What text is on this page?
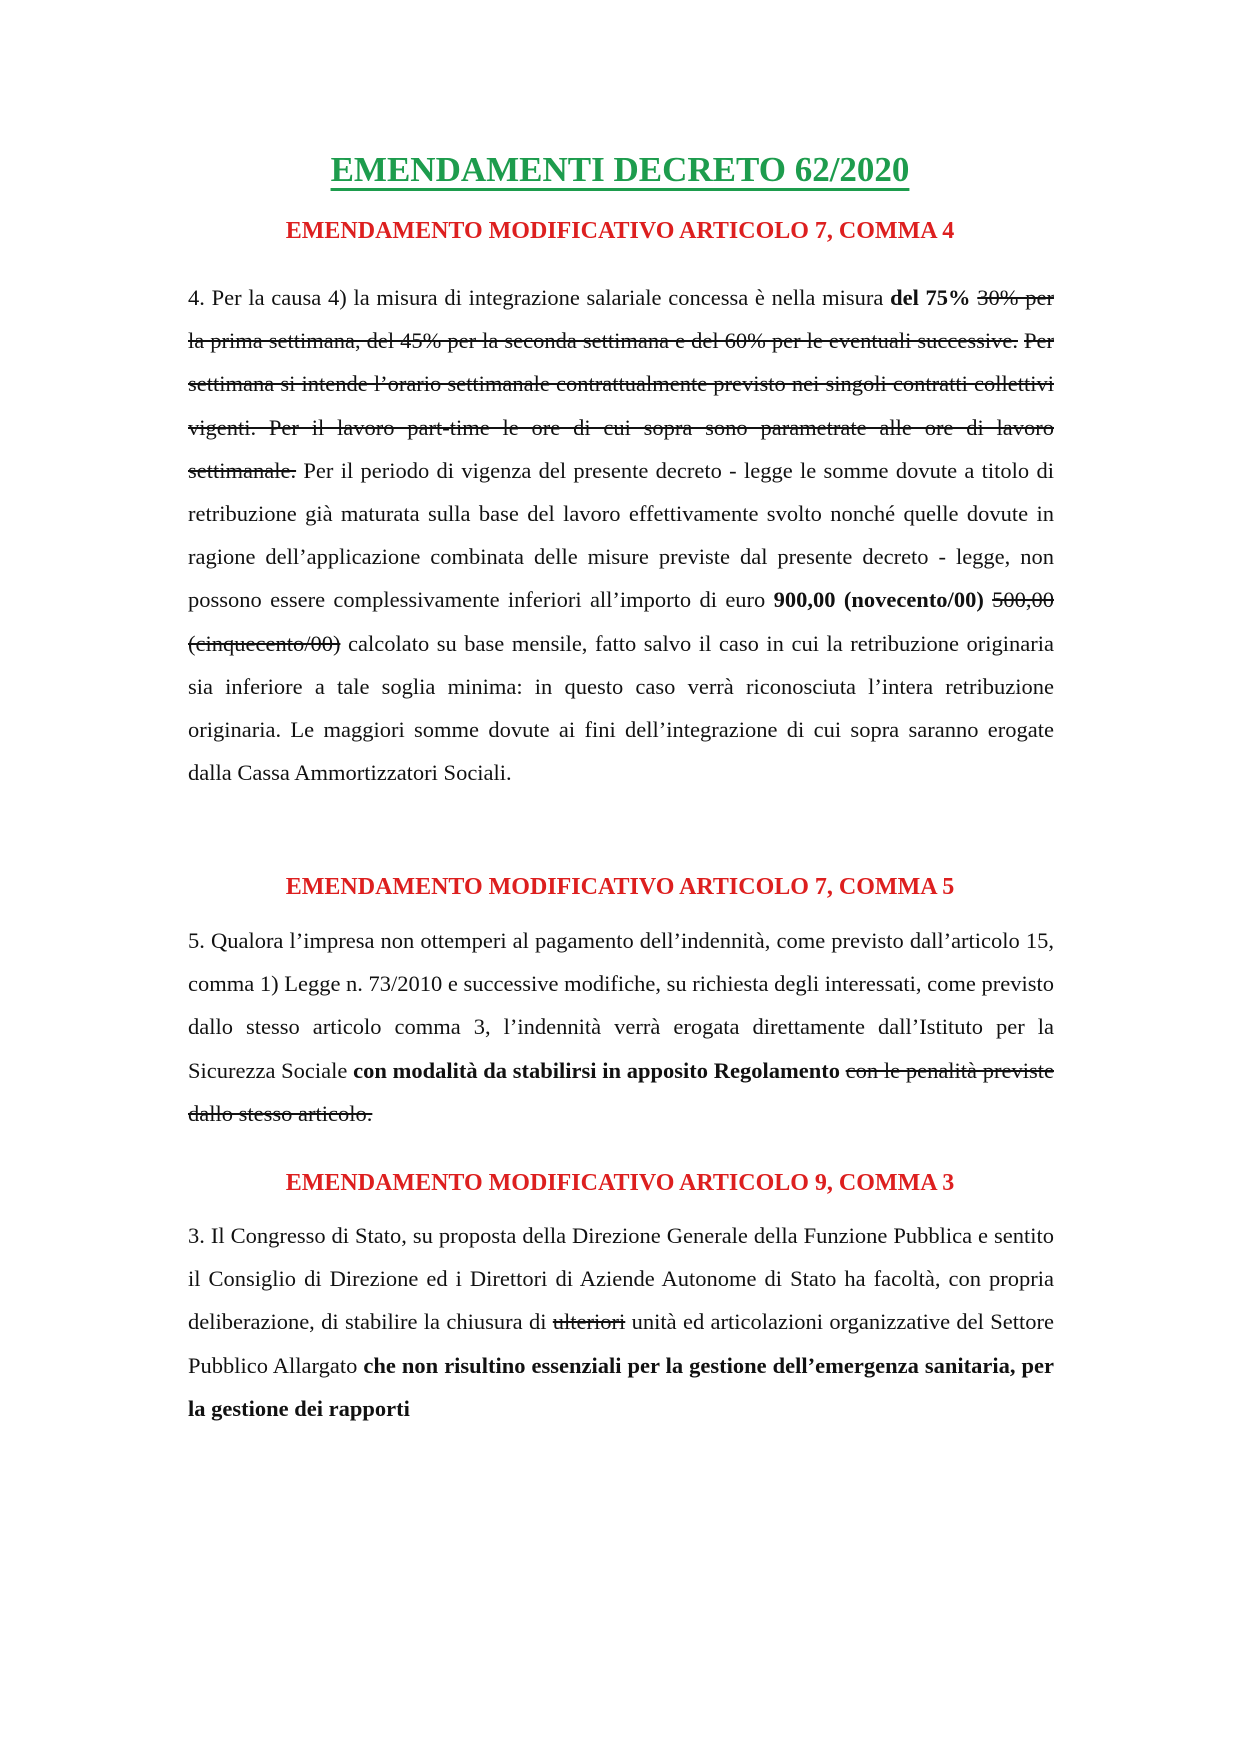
EMENDAMENTI DECRETO 62/2020
EMENDAMENTO MODIFICATIVO ARTICOLO 7, COMMA 4

4. Per la causa 4) la misura di integrazione salariale concessa è nella misura del 75% 30% per la prima settimana, del 45% per la seconda settimana e del 60% per le eventuali successive. Per settimana si intende l’orario settimanale contrattualmente previsto nei singoli contratti collettivi vigenti. Per il lavoro part-time le ore di cui sopra sono parametrate alle ore di lavoro settimanale. Per il periodo di vigenza del presente decreto - legge le somme dovute a titolo di retribuzione già maturata sulla base del lavoro effettivamente svolto nonché quelle dovute in ragione dell’applicazione combinata delle misure previste dal presente decreto - legge, non possono essere complessivamente inferiori all’importo di euro 900,00 (novecento/00) 500,00 (cinquecento/00) calcolato su base mensile, fatto salvo il caso in cui la retribuzione originaria sia inferiore a tale soglia minima: in questo caso verrà riconosciuta l’intera retribuzione originaria. Le maggiori somme dovute ai fini dell’integrazione di cui sopra saranno erogate dalla Cassa Ammortizzatori Sociali.

EMENDAMENTO MODIFICATIVO ARTICOLO 7, COMMA 5

5. Qualora l’impresa non ottemperi al pagamento dell’indennità, come previsto dall’articolo 15, comma 1) Legge n. 73/2010 e successive modifiche, su richiesta degli interessati, come previsto dallo stesso articolo comma 3, l’indennità verrà erogata direttamente dall’Istituto per la Sicurezza Sociale con modalità da stabilirsi in apposito Regolamento con le penalità previste dallo stesso articolo.

EMENDAMENTO MODIFICATIVO ARTICOLO 9, COMMA 3

3. Il Congresso di Stato, su proposta della Direzione Generale della Funzione Pubblica e sentito il Consiglio di Direzione ed i Direttori di Aziende Autonome di Stato ha facoltà, con propria deliberazione, di stabilire la chiusura di ulteriori unità ed articolazioni organizzative del Settore Pubblico Allargato che non risultino essenziali per la gestione dell’emergenza sanitaria, per la gestione dei rapporti
